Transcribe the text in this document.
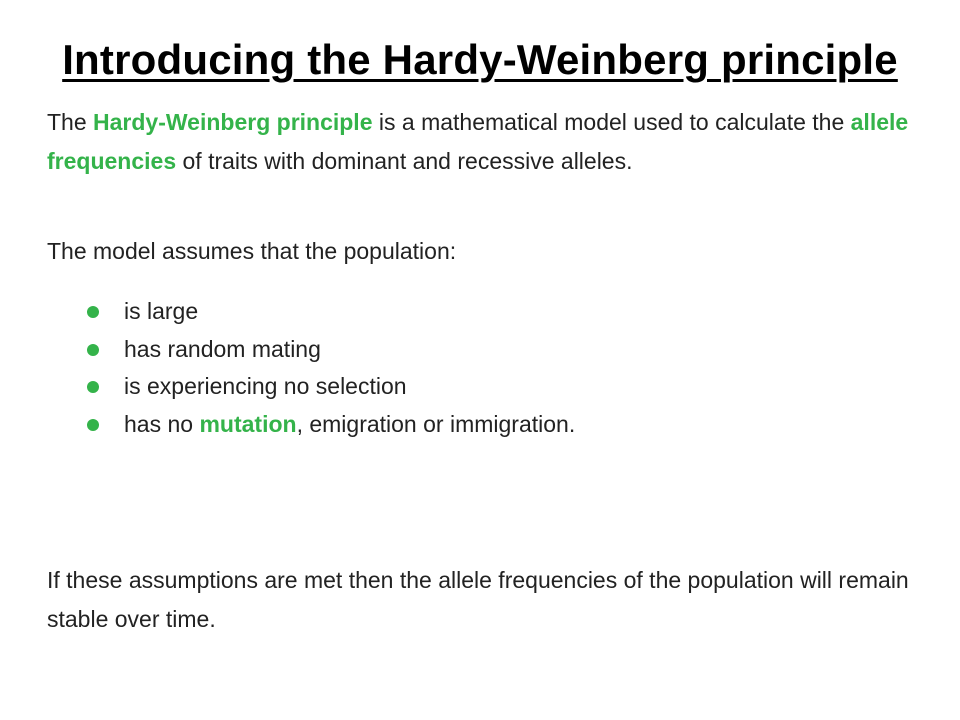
Introducing the Hardy-Weinberg principle

The Hardy-Weinberg principle is a mathematical model used to calculate the allele frequencies of traits with dominant and recessive alleles.

The model assumes that the population:

is large
has random mating
is experiencing no selection
has no mutation, emigration or immigration.

If these assumptions are met then the allele frequencies of the population will remain stable over time.
